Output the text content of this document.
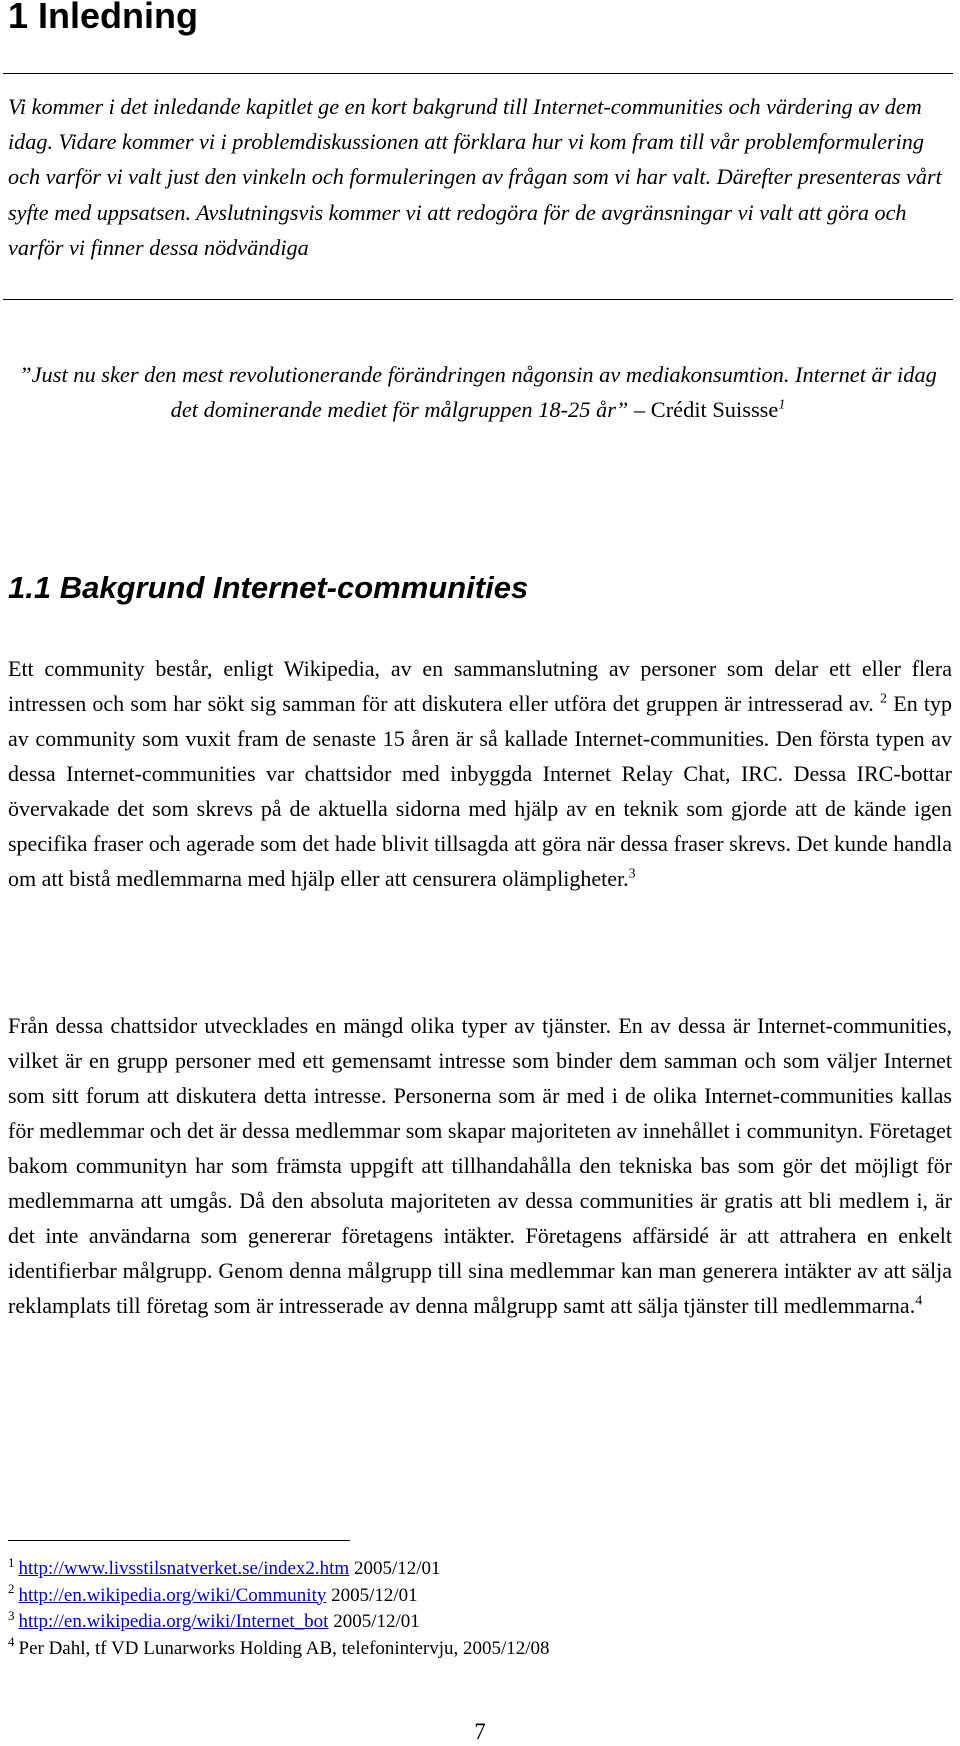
1 Inledning

Vi kommer i det inledande kapitlet ge en kort bakgrund till Internet-communities och värdering av dem idag. Vidare kommer vi i problemdiskussionen att förklara hur vi kom fram till vår problemformulering och varför vi valt just den vinkeln och formuleringen av frågan som vi har valt. Därefter presenteras vårt syfte med uppsatsen. Avslutningsvis kommer vi att redogöra för de avgränsningar vi valt att göra och varför vi finner dessa nödvändiga

”Just nu sker den mest revolutionerande förändringen någonsin av mediakonsumtion. Internet är idag det dominerande mediet för målgruppen 18-25 år” – Crédit Suissse$^1$

1.1 Bakgrund Internet-communities

Ett community består, enligt Wikipedia, av en sammanslutning av personer som delar ett eller flera intressen och som har sökt sig samman för att diskutera eller utföra det gruppen är intresserad av. $^2$ En typ av community som vuxit fram de senaste 15 åren är så kallade Internet-communities. Den första typen av dessa Internet-communities var chattsidor med inbyggda Internet Relay Chat, IRC. Dessa IRC-bottar övervakade det som skrevs på de aktuella sidorna med hjälp av en teknik som gjorde att de kände igen specifika fraser och agerade som det hade blivit tillsagda att göra när dessa fraser skrevs. Det kunde handla om att bistå medlemmarna med hjälp eller att censurera olämpligheter.$^3$

Från dessa chattsidor utvecklades en mängd olika typer av tjänster. En av dessa är Internet-communities, vilket är en grupp personer med ett gemensamt intresse som binder dem samman och som väljer Internet som sitt forum att diskutera detta intresse. Personerna som är med i de olika Internet-communities kallas för medlemmar och det är dessa medlemmar som skapar majoriteten av innehållet i communityn. Företaget bakom communityn har som främsta uppgift att tillhandahålla den tekniska bas som gör det möjligt för medlemmarna att umgås. Då den absoluta majoriteten av dessa communities är gratis att bli medlem i, är det inte användarna som genererar företagens intäkter. Företagens affärsidé är att attrahera en enkelt identifierbar målgrupp. Genom denna målgrupp till sina medlemmar kan man generera intäkter av att sälja reklamplats till företag som är intresserade av denna målgrupp samt att sälja tjänster till medlemmarna.$^4$

$^1$ http://www.livsstilsnatverket.se/index2.htm 2005/12/01
$^2$ http://en.wikipedia.org/wiki/Community 2005/12/01
$^3$ http://en.wikipedia.org/wiki/Internet_bot 2005/12/01
$^4$ Per Dahl, tf VD Lunarworks Holding AB, telefonintervju, 2005/12/08
7
